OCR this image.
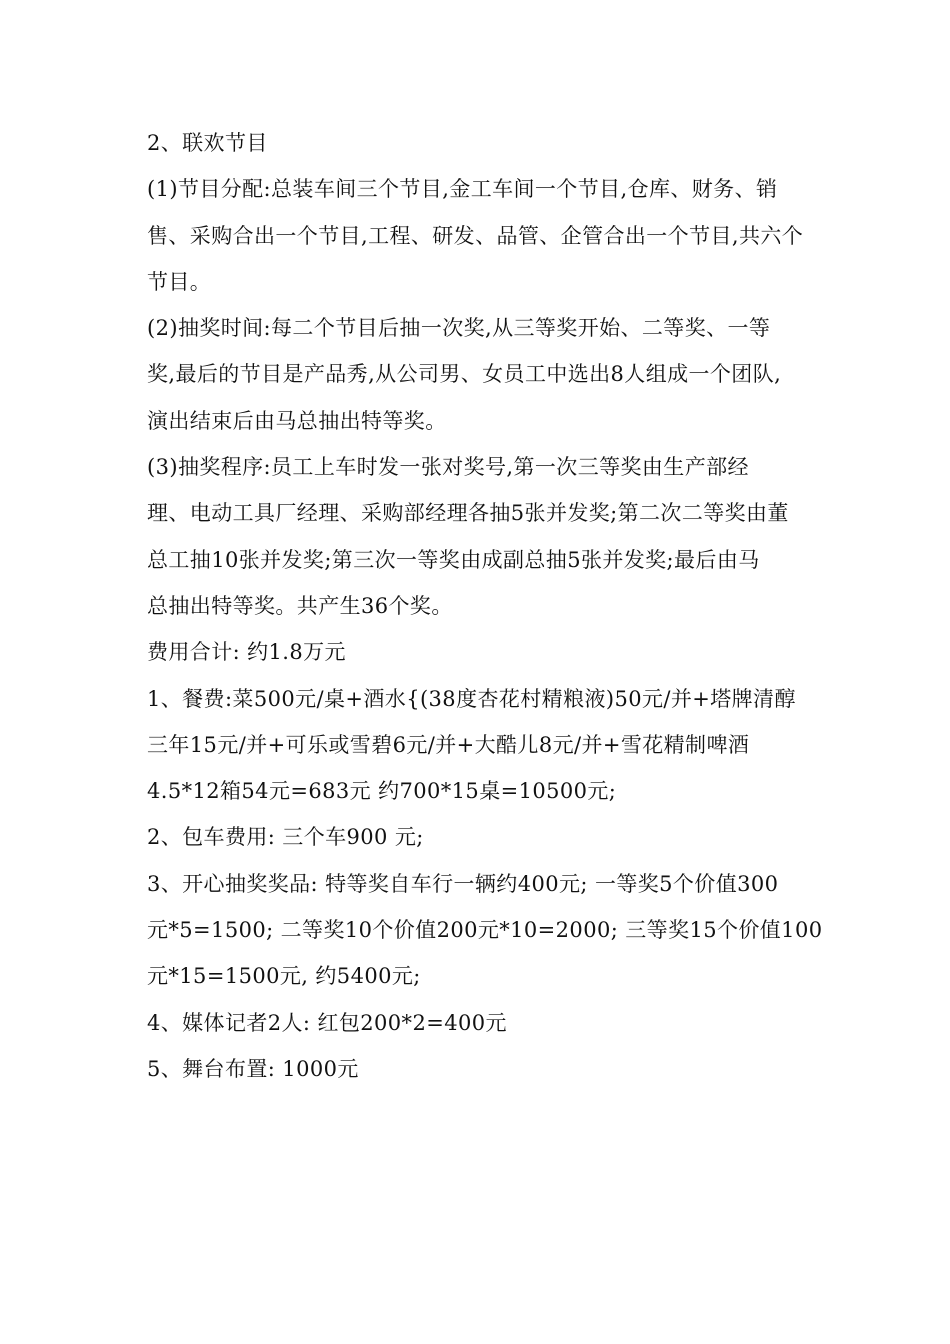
2、联欢节目
(1)节目分配:总装车间三个节目,金工车间一个节目,仓库、财务、销
售、采购合出一个节目,工程、研发、品管、企管合出一个节目,共六个
节目。
(2)抽奖时间:每二个节目后抽一次奖,从三等奖开始、二等奖、一等
奖,最后的节目是产品秀,从公司男、女员工中选出8人组成一个团队,
演出结束后由马总抽出特等奖。
(3)抽奖程序:员工上车时发一张对奖号,第一次三等奖由生产部经
理、电动工具厂经理、采购部经理各抽5张并发奖;第二次二等奖由董
总工抽10张并发奖;第三次一等奖由成副总抽5张并发奖;最后由马
总抽出特等奖。共产生36个奖。
费用合计: 约1.8万元
1、餐费:菜500元/桌+酒水{(38度杏花村精粮液)50元/并+塔牌清醇
三年15元/并+可乐或雪碧6元/并+大酷儿8元/并+雪花精制啤酒
4.5*12箱54元=683元 约700*15桌=10500元;
2、包车费用: 三个车900 元;
3、开心抽奖奖品: 特等奖自车行一辆约400元; 一等奖5个价值300
元*5=1500; 二等奖10个价值200元*10=2000; 三等奖15个价值100
元*15=1500元, 约5400元;
4、媒体记者2人: 红包200*2=400元
5、舞台布置: 1000元
